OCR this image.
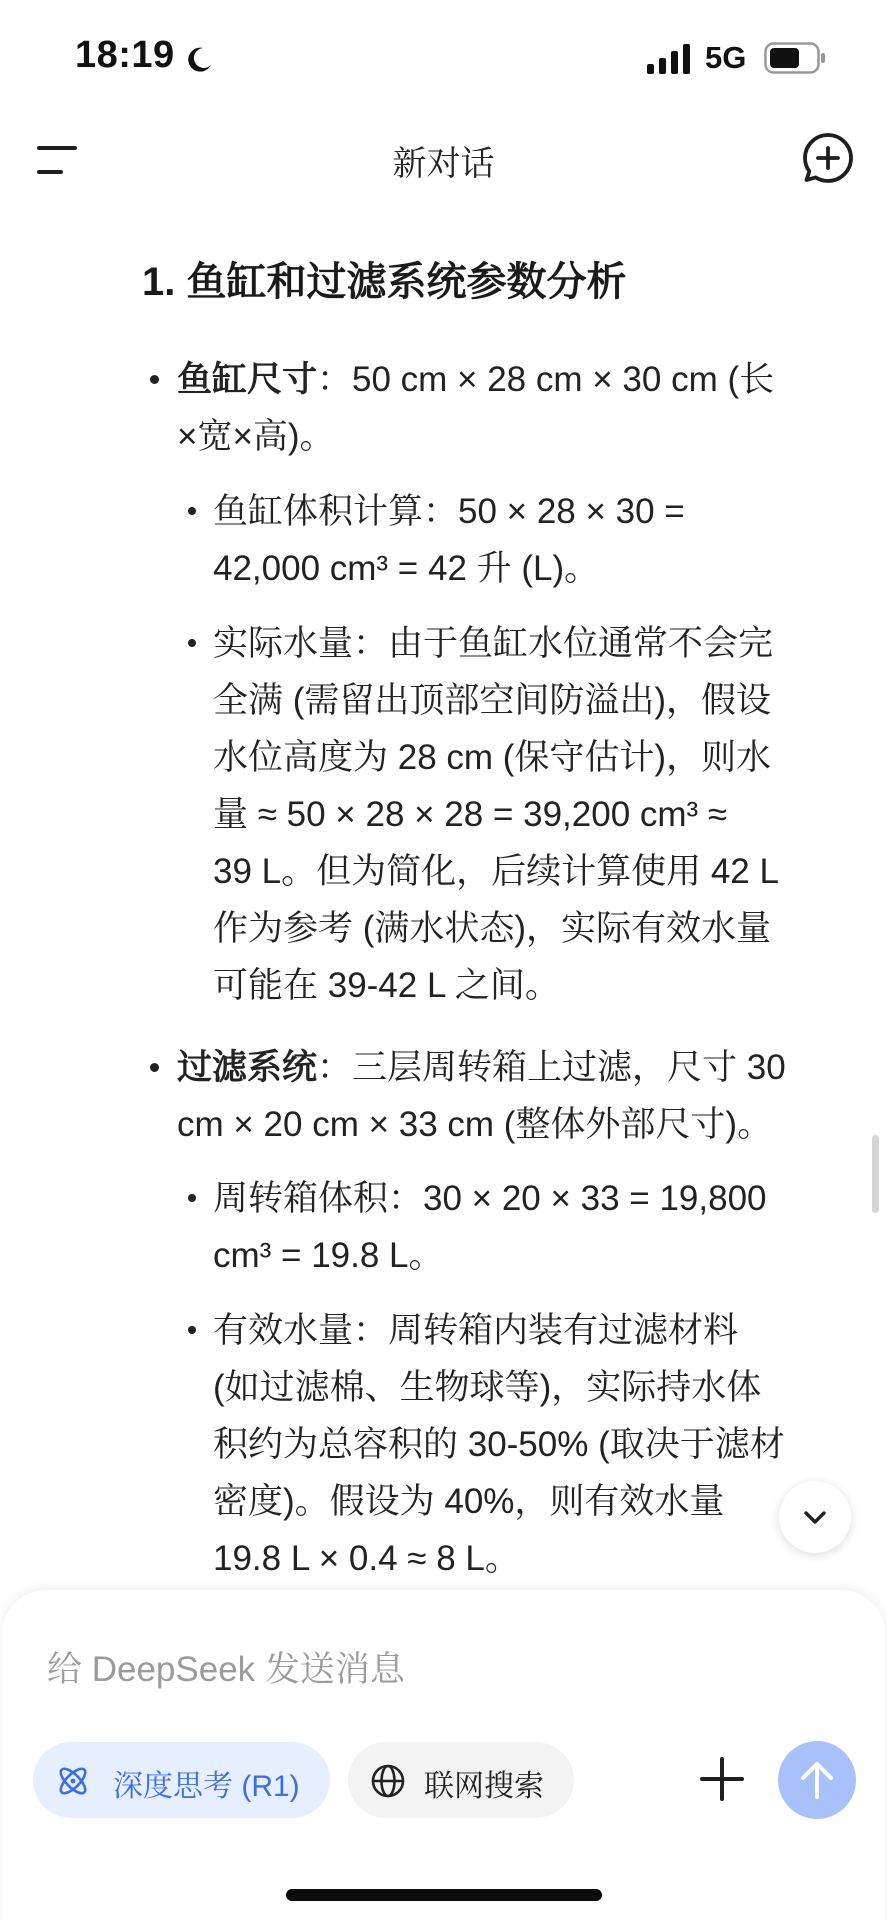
18:19	5G
新对话
1. 鱼缸和过滤系统参数分析
鱼缸尺寸：50 cm × 28 cm × 30 cm (长
×宽×高)。
鱼缸体积计算：50 × 28 × 30 =
42,000 cm³ = 42 升 (L)。
实际水量：由于鱼缸水位通常不会完
全满 (需留出顶部空间防溢出)，假设
水位高度为 28 cm (保守估计)，则水
量 ≈ 50 × 28 × 28 = 39,200 cm³ ≈
39 L。但为简化，后续计算使用 42 L
作为参考 (满水状态)，实际有效水量
可能在 39-42 L 之间。
过滤系统：三层周转箱上过滤，尺寸 30
cm × 20 cm × 33 cm (整体外部尺寸)。
周转箱体积：30 × 20 × 33 = 19,800
cm³ = 19.8 L。
有效水量：周转箱内装有过滤材料
(如过滤棉、生物球等)，实际持水体
积约为总容积的 30-50% (取决于滤材
密度)。假设为 40%，则有效水量
19.8 L × 0.4 ≈ 8 L。
给 DeepSeek 发送消息
深度思考 (R1)	联网搜索
